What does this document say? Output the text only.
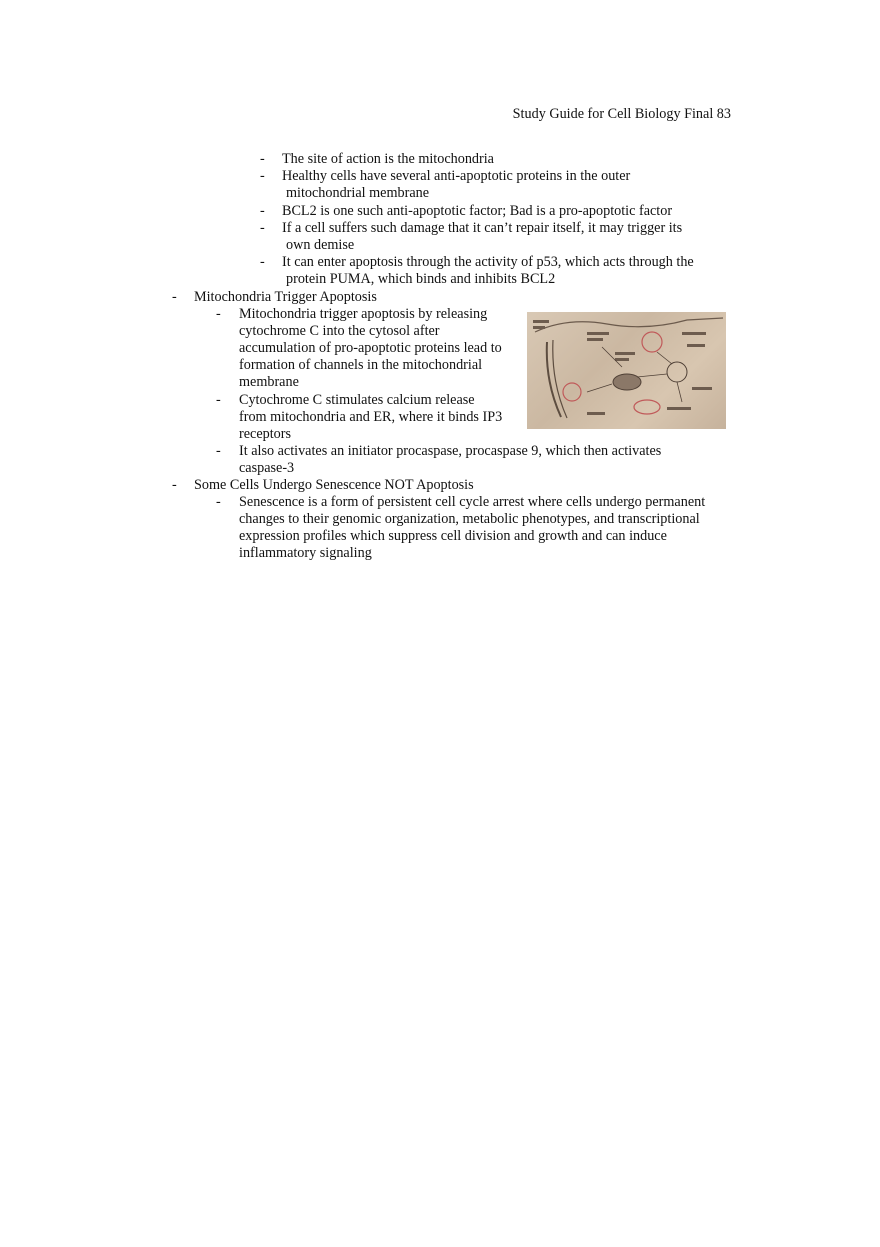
Study Guide for Cell Biology Final 83
- The site of action is the mitochondria
- Healthy cells have several anti-apoptotic proteins in the outer
mitochondrial membrane
- BCL2 is one such anti-apoptotic factor; Bad is a pro-apoptotic factor
- If a cell suffers such damage that it can’t repair itself, it may trigger its
own demise
- It can enter apoptosis through the activity of p53, which acts through the
protein PUMA, which binds and inhibits BCL2
- Mitochondria Trigger Apoptosis
- Mitochondria trigger apoptosis by releasing
cytochrome C into the cytosol after
accumulation of pro-apoptotic proteins lead to
formation of channels in the mitochondrial
membrane
- Cytochrome C stimulates calcium release
from mitochondria and ER, where it binds IP3
receptors
- It also activates an initiator procaspase, procaspase 9, which then activates
caspase-3
- Some Cells Undergo Senescence NOT Apoptosis
- Senescence is a form of persistent cell cycle arrest where cells undergo permanent
changes to their genomic organization, metabolic phenotypes, and transcriptional
expression profiles which suppress cell division and growth and can induce
inflammatory signaling
